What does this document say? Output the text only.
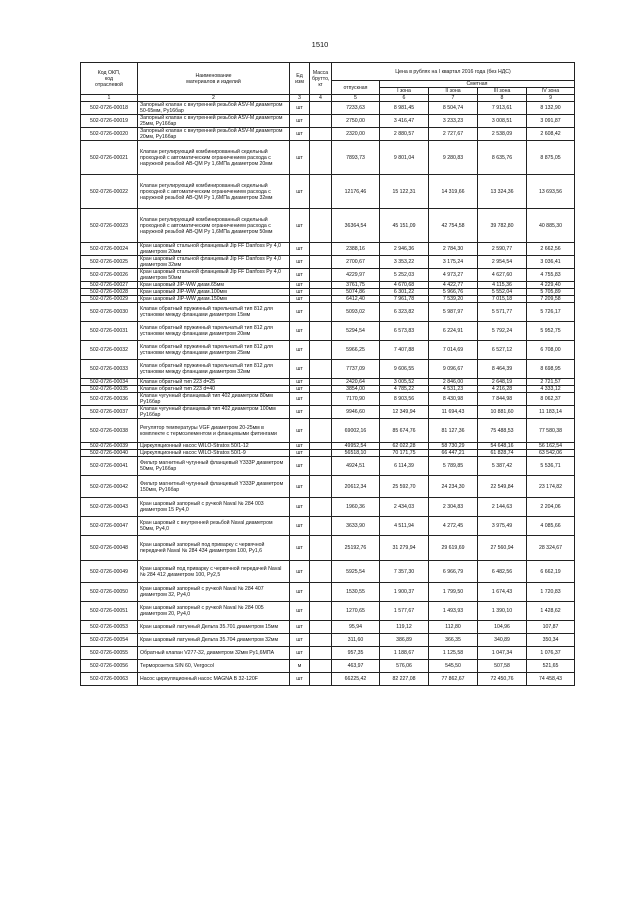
1510
Код ОКП,
код
отраслевой	Наименование
материалов и изделий	Ед
изм	Масса
брутто,
кг	Цена в рублях на I квартал 2016 года (без НДС)				
				отпускная	Сметная			
					I зона	II зона	III зона	IV зона
1	2	3	4	5	6	7	8	9
502-0726-00018	Запорный клапан с внутренней резьбой ASV-M диаметром 50-65мм, Ру16бар	шт		7233,63	8 981,45	8 504,74	7 913,61	8 132,90
502-0726-00019	Запорный клапан с внутренней резьбой ASV-M диаметром 25мм, Ру16бар	шт		2750,00	3 416,47	3 233,23	3 008,51	3 091,87
502-0726-00020	Запорный клапан с внутренней резьбой ASV-M диаметром 20мм, Ру16бар	шт		2320,00	2 880,57	2 727,67	2 538,09	2 608,42
502-0726-00021	Клапан регулирующий комбинированный седельный проходной с автоматическим ограничением расхода с наружной резьбой AB-QM Ру 1,6МПа диаметром 20мм	шт		7893,73	9 801,04	9 280,83	8 635,76	8 875,05
502-0726-00022	Клапан регулирующий комбинированный седельный проходной с автоматическим ограничением расхода с наружной резьбой AB-QM Ру 1,6МПа диаметром 32мм	шт		12176,46	15 122,31	14 319,66	13 324,36	13 693,56
502-0726-00023	Клапан регулирующий комбинированный седельный проходной с автоматическим ограничением расхода с наружной резьбой AB-QM Ру 1,6МПа диаметром 50мм	шт		36364,54	45 151,09	42 754,58	39 782,80	40 885,30
502-0726-00024	Кран шаровый стальной фланцевый Jip FF Danfoss Ру 4,0 диаметром 20мм	шт		2388,16	2 946,36	2 784,30	2 590,77	2 662,56
502-0726-00025	Кран шаровый стальной фланцевый Jip FF Danfoss Ру 4,0 диаметром 32мм	шт		2700,67	3 353,22	3 175,24	2 954,54	3 036,41
502-0726-00026	Кран шаровый стальной фланцевый Jip FF Danfoss Ру 4,0 диаметром 50мм	шт		4229,97	5 252,03	4 973,27	4 627,60	4 755,83
502-0726-00027	Кран шаровый JIP-WW диам.65мм	шт		3761,75	4 670,68	4 422,77	4 115,36	4 229,40
502-0726-00028	Кран шаровый JIP-WW диам.100мм	шт		5074,86	6 301,22	5 966,76	5 552,04	5 705,89
502-0726-00029	Кран шаровый JIP-WW диам.150мм	шт		6412,40	7 961,78	7 539,20	7 015,18	7 209,58
502-0726-00030	Клапан обратный пружинный тарельчатый тип 812 для установки между фланцами диаметром 15мм	шт		5093,02	6 323,82	5 987,97	5 571,77	5 726,17
502-0726-00031	Клапан обратный пружинный тарельчатый тип 812 для установки между фланцами диаметром 20мм	шт		5294,54	6 573,83	6 224,91	5 792,24	5 952,75
502-0726-00032	Клапан обратный пружинный тарельчатый тип 812 для установки между фланцами диаметром 25мм	шт		5966,25	7 407,88	7 014,69	6 527,12	6 708,00
502-0726-00033	Клапан обратный пружинный тарельчатый тип 812 для установки между фланцами диаметром 32мм	шт		7737,09	9 606,55	9 096,67	8 464,39	8 698,95
502-0726-00034	Клапан обратный тип 223 d=25	шт		2420,64	3 005,52	2 846,00	2 648,19	2 721,57
502-0726-00035	Клапан обратный тип 223 d=40	шт		3854,00	4 785,22	4 531,23	4 216,28	4 333,12
502-0726-00036	Клапан чугунный фланцевый тип 402 диаметром 80мм Ру16бар	шт		7170,90	8 903,56	8 430,98	7 844,98	8 062,37
502-0726-00037	Клапан чугунный фланцевый тип 402 диаметром 100мм Ру16бар	шт		9946,60	12 349,94	11 694,43	10 881,60	11 183,14
502-0726-00038	Регулятор температуры VGF диаметром 20-25мм в комплекте с термоэлементом и фланцевыми фитингами	шт		69002,16	85 674,76	81 127,36	75 488,53	77 580,38
502-0726-00039	Циркуляционный насос WILO-Stratos 50/1-12	шт		49952,54	62 022,28	58 730,29	54 648,16	56 162,54
502-0726-00040	Циркуляционный насос WILO-Stratos 50/1-9	шт		56518,10	70 171,75	66 447,21	61 828,74	63 542,06
502-0726-00041	Фильтр магнитный чугунный фланцевый Y333P диаметром 50мм, Ру16бар	шт		4924,51	6 114,39	5 789,85	5 387,42	5 536,71
502-0726-00042	Фильтр магнитный чугунный фланцевый Y333P диаметром 150мм, Ру16бар	шт		20612,34	25 592,70	24 234,30	22 549,84	23 174,82
502-0726-00043	Кран шаровый запорный с ручкой Naval № 284 003 диаметром 15 Ру4,0	шт		1960,36	2 434,03	2 304,83	2 144,63	2 204,06
502-0726-00047	Кран шаровый с внутренней резьбой Naval диаметром 50мм, Ру4,0	шт		3633,90	4 511,94	4 272,45	3 975,49	4 085,66
502-0726-00048	Кран шаровый запорный под приварку с червячной передачей Naval № 284 434 диаметром 100, Ру1,6	шт		25192,76	31 279,94	29 619,69	27 560,94	28 324,67
502-0726-00049	Кран шаровый под приварку с червячной передачей Naval № 284 412 диаметром 100, Ру2,5	шт		5925,54	7 357,30	6 966,79	6 482,56	6 662,19
502-0726-00050	Кран шаровый запорный с ручкой Naval № 284 407 диаметром 32, Ру4,0	шт		1530,55	1 900,37	1 799,50	1 674,43	1 720,83
502-0726-00051	Кран шаровый запорный с ручкой Naval № 284 005 диаметром 20, Ру4,0	шт		1270,65	1 577,67	1 493,93	1 390,10	1 428,62
502-0726-00053	Кран шаровый латунный Дельта 35.701 диаметром 15мм	шт		95,94	119,12	112,80	104,96	107,87
502-0726-00054	Кран шаровый латунный Дельта 35.704 диаметром 32мм	шт		311,60	386,89	366,35	340,89	350,34
502-0726-00055	Обратный клапан V277-32, диаметром 32мм Ру1,6МПА	шт		957,35	1 188,67	1 125,58	1 047,34	1 076,37
502-0726-00056	Терморозетка SIN 60, Vergocol	м		463,97	576,06	545,50	507,58	521,65
502-0726-00063	Насос циркуляционный насос MAGNA В 32-120F	шт		66225,42	82 227,08	77 862,67	72 450,76	74 458,43
